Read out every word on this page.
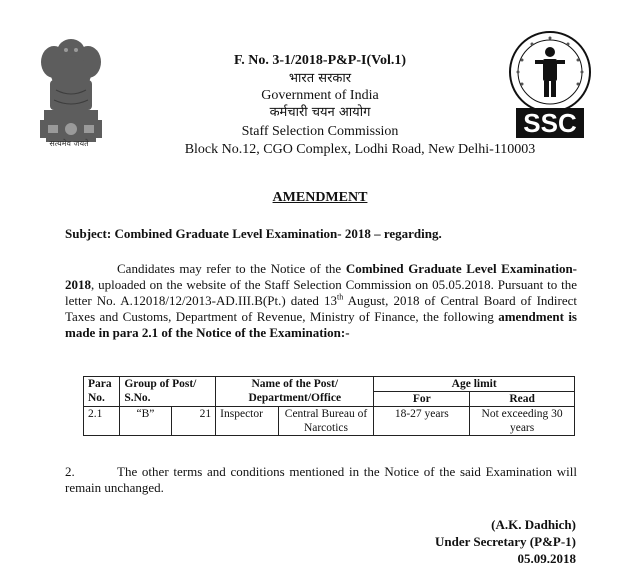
सत्यमेव जयते
SSC
F. No. 3-1/2018-P&P-I(Vol.1)
भारत सरकार
Government of India
कर्मचारी चयन आयोग
Staff Selection Commission
Block No.12, CGO Complex, Lodhi Road, New Delhi-110003
AMENDMENT
Subject: Combined Graduate Level Examination- 2018 – regarding.
Candidates may refer to the Notice of the Combined Graduate Level Examination-2018, uploaded on the website of the Staff Selection Commission on 05.05.2018. Pursuant to the letter No. A.12018/12/2013-AD.III.B(Pt.) dated 13th August, 2018 of Central Board of Indirect Taxes and Customs, Department of Revenue, Ministry of Finance, the following amendment is made in para 2.1 of the Notice of the Examination:-
Para No.	Group of Post/ S.No.		Name of the Post/ Department/Office		Age limit	
					For	Read
2.1	“B”	21	Inspector	Central Bureau of Narcotics	18-27 years	Not exceeding 30 years
2.	The other terms and conditions mentioned in the Notice of the said Examination will remain unchanged.
(A.K. Dadhich)
Under Secretary (P&P-1)
05.09.2018
